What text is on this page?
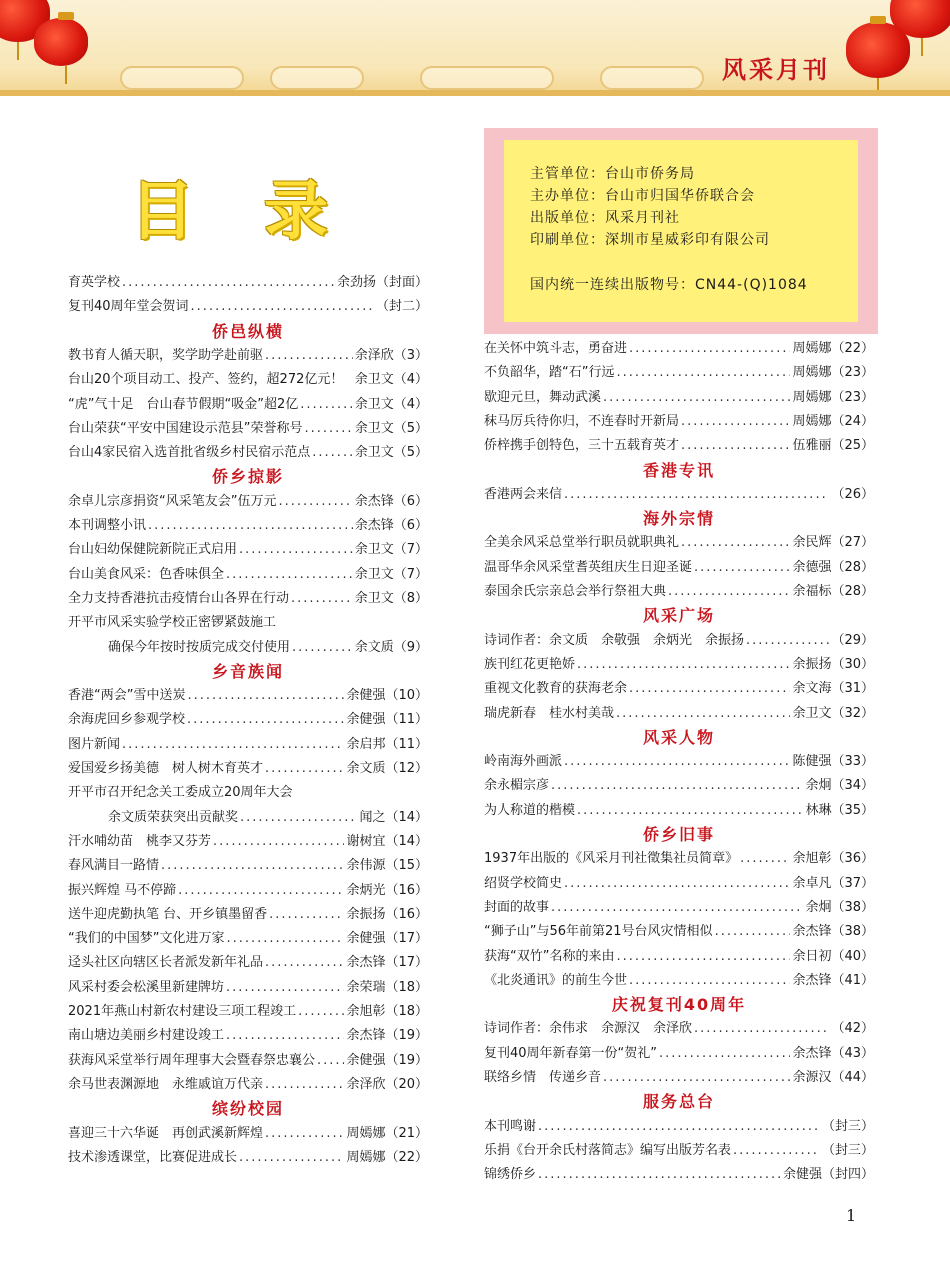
风采月刊
目录
主管单位：台山市侨务局
主办单位：台山市归国华侨联合会
出版单位：风采月刊社
印刷单位：深圳市星威彩印有限公司
国内统一连续出版物号：CN44-(Q)1084
育英学校 .....	余劲扬（封面）
复刊40周年堂会贺词 .....	（封二）
侨邑纵横
教书育人循天职，奖学助学赴前驱 .....	余泽欣（3）
台山20个项目动工、投产、签约，超272亿元！ 余卫文（4）
“虎”气十足　台山春节假期“吸金”超2亿 .....	余卫文（4）
台山荣获“平安中国建设示范县”荣誉称号 .....	余卫文（5）
台山4家民宿入选首批省级乡村民宿示范点 .....	余卫文（5）
侨乡掠影
余卓儿宗彦捐资“风采笔友会”伍万元 .....	余杰锋（6）
本刊调整小讯 .....	余杰锋（6）
台山妇幼保健院新院正式启用 .....	余卫文（7）
台山美食风采：色香味俱全 .....	余卫文（7）
全力支持香港抗击疫情台山各界在行动 .....	余卫文（8）
开平市风采实验学校正密锣紧鼓施工
确保今年按时按质完成交付使用 .....	余文质（9）
乡音族闻
香港“两会”雪中送炭 .....	余健强（10）
余海虎回乡参观学校 .....	余健强（11）
图片新闻 .....	余启邦（11）
爱国爱乡扬美德　树人树木育英才 .....	余文质（12）
开平市召开纪念关工委成立20周年大会
余文质荣获突出贡献奖 .....	闻之（14）
汗水哺幼苗　桃李又芬芳 .....	谢树宜（14）
春风满目一路情 .....	余伟源（15）
振兴辉煌 马不停蹄 .....	余炳光（16）
送牛迎虎勤执笔 台、开乡镇墨留香 .....	余振扬（16）
“我们的中国梦”文化进万家 .....	余健强（17）
迳头社区向辖区长者派发新年礼品 .....	余杰锋（17）
风采村委会松溪里新建牌坊 .....	余荣瑞（18）
2021年燕山村新农村建设三项工程竣工 .....	余旭彰（18）
南山塘边美丽乡村建设竣工 .....	余杰锋（19）
获海风采堂举行周年理事大会暨春祭忠襄公 ..... 余健强（19）
余马世表渊源地　永维戚谊万代亲 .....	余泽欣（20）
缤纷校园
喜迎三十六华诞　再创武溪新辉煌 .....	周嫣娜（21）
技术渗透课堂，比赛促进成长 .....	周嫣娜（22）
在关怀中筑斗志，勇奋进 .....	周嫣娜（22）
不负韶华，踏“石”行远 .....	周嫣娜（23）
歇迎元旦，舞动武溪 .....	周嫣娜（23）
秣马厉兵待你归，不连春时开新局 .....	周嫣娜（24）
侨梓携手创特色，三十五载育英才 .....	伍雅丽（25）
香港专讯
香港两会来信 .....	（26）
海外宗情
全美余风采总堂举行职员就职典礼 .....	余民辉（27）
温哥华余风采堂耆英组庆生日迎圣诞 .....	余德强（28）
泰国余氏宗亲总会举行祭祖大典 .....	余福标（28）
风采广场
诗词作者：余文质　余敬强　余炳光　余振扬 .....	（29）
族刊红花更艳娇 .....	余振扬（30）
重视文化教育的获海老余 .....	余文海（31）
瑞虎新春　桂水村美哉 .....	余卫文（32）
风采人物
岭南海外画派 .....	陈健强（33）
余永楣宗彦 .....	余炯（34）
为人称道的楷模 .....	林琳（35）
侨乡旧事
1937年出版的《风采月刊社徵集社员简章》 .....	余旭彰（36）
绍贤学校简史 .....	余卓凡（37）
封面的故事 .....	余炯（38）
“狮子山”与56年前第21号台风灾情相似 .....	余杰锋（38）
获海“双竹”名称的来由 .....	余日初（40）
《北炎通讯》的前生今世 .....	余杰锋（41）
庆祝复刊40周年
诗词作者：余伟求　余源汉　余泽欣 .....	（42）
复刊40周年新春第一份“贺礼” .....	余杰锋（43）
联络乡情　传递乡音 .....	余源汉（44）
服务总台
本刊鸣谢 .....	（封三）
乐捐《台开余氏村落简志》编写出版芳名表 .....	（封三）
锦绣侨乡 .....	余健强（封四）
1
